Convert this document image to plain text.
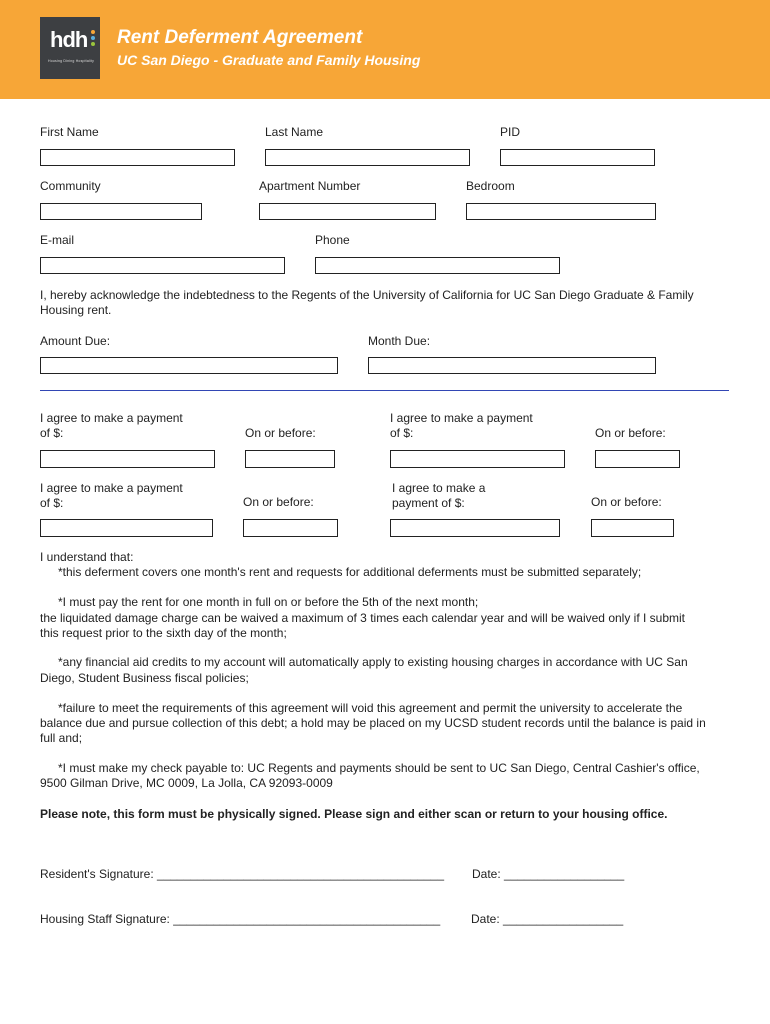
hdh
Housing Dining Hospitality
Rent Deferment Agreement
UC San Diego - Graduate and Family Housing
First Name	Last Name	PID
Community	Apartment Number	Bedroom
E-mail	Phone
I, hereby acknowledge the indebtedness to the Regents of the University of California for UC San Diego Graduate & Family Housing rent.
Amount Due:	Month Due:
I agree to make a payment
of $:	On or before:
I agree to make a payment
of $:	On or before:
I agree to make a payment
of $:	On or before:
I agree to make a
payment of $:	On or before:
I understand that:
*this deferment covers one month's rent and requests for additional deferments must be submitted separately;
*I must pay the rent for one month in full on or before the 5th of the next month;
the liquidated damage charge can be waived a maximum of 3 times each calendar year and will be waived only if I submit
this request prior to the sixth day of the month;
*any financial aid credits to my account will automatically apply to existing housing charges in accordance with UC San
Diego, Student Business fiscal policies;
*failure to meet the requirements of this agreement will void this agreement and permit the university to accelerate the
balance due and pursue collection of this debt; a hold may be placed on my UCSD student records until the balance is paid in
full and;
*I must make my check payable to: UC Regents and payments should be sent to UC San Diego, Central Cashier's office,
9500 Gilman Drive, MC 0009, La Jolla, CA 92093-0009
Please note, this form must be physically signed. Please sign and either scan or return to your housing office.
Resident's Signature: ___________________________________________ Date: __________________
Housing Staff Signature: ________________________________________	Date: __________________
